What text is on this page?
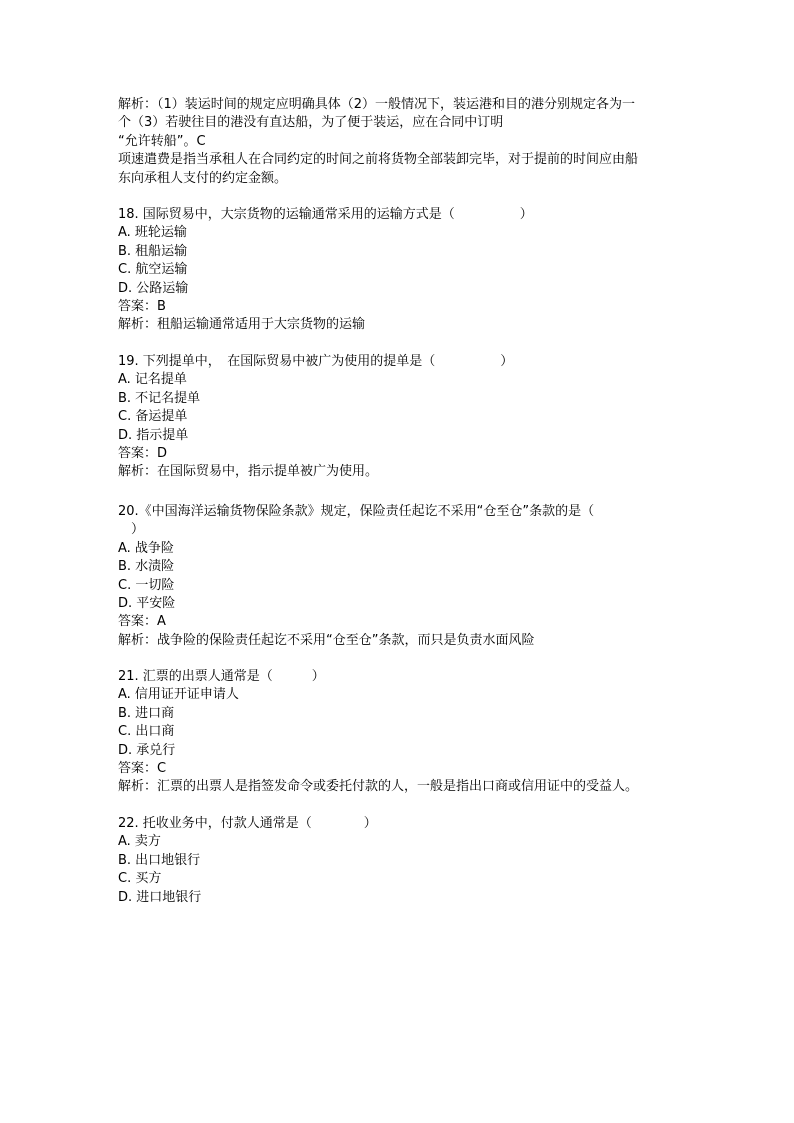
解析：（1）装运时间的规定应明确具体（2）一般情况下，装运港和目的港分别规定各为一
个（3）若驶往目的港没有直达船，为了便于装运，应在合同中订明
“允许转船”。C
项速遣费是指当承租人在合同约定的时间之前将货物全部装卸完毕，对于提前的时间应由船
东向承租人支付的约定金额。
18. 国际贸易中，大宗货物的运输通常采用的运输方式是（　　　　　）
A. 班轮运输
B. 租船运输
C. 航空运输
D. 公路运输
答案：B
解析：租船运输通常适用于大宗货物的运输
19. 下列提单中，　在国际贸易中被广为使用的提单是（　　　　　）
A. 记名提单
B. 不记名提单
C. 备运提单
D. 指示提单
答案：D
解析：在国际贸易中，指示提单被广为使用。
20.《中国海洋运输货物保险条款》规定，保险责任起讫不采用“仓至仓”条款的是（
　）
A. 战争险
B. 水渍险
C. 一切险
D. 平安险
答案：A
解析：战争险的保险责任起讫不采用“仓至仓”条款，而只是负责水面风险
21. 汇票的出票人通常是（　　　）
A. 信用证开证申请人
B. 进口商
C. 出口商
D. 承兑行
答案：C
解析：汇票的出票人是指签发命令或委托付款的人，一般是指出口商或信用证中的受益人。
22. 托收业务中，付款人通常是（　　　　）
A. 卖方
B. 出口地银行
C. 买方
D. 进口地银行
